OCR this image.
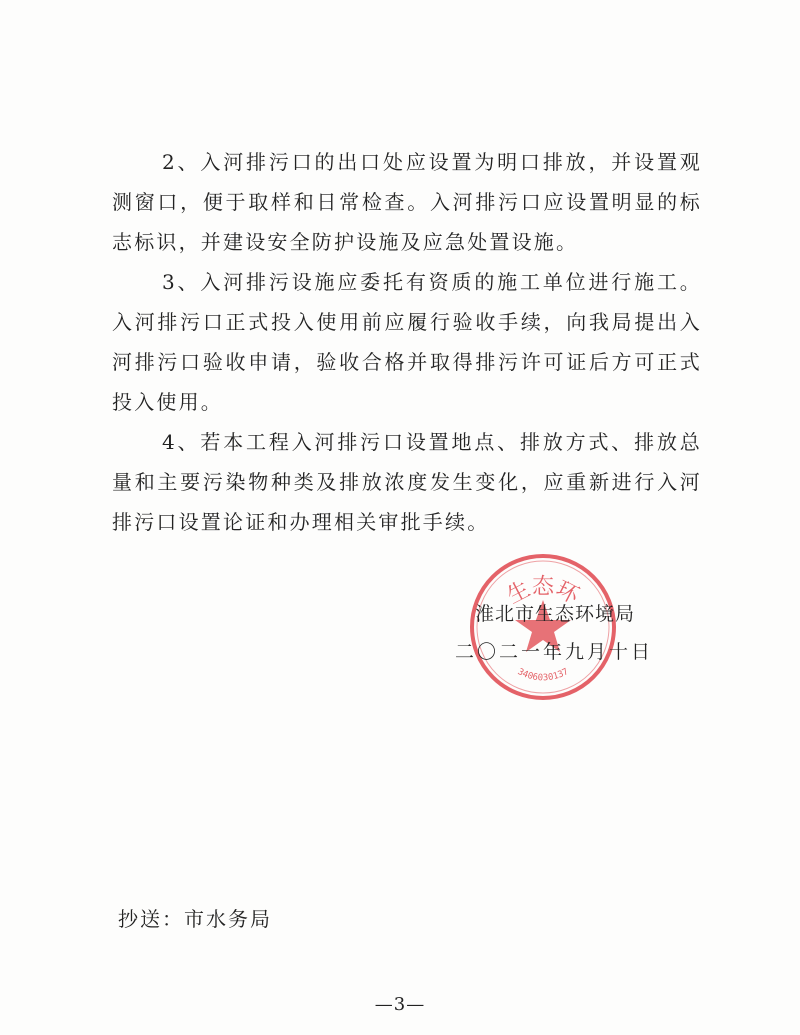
2、入河排污口的出口处应设置为明口排放，并设置观测窗口，便于取样和日常检查。入河排污口应设置明显的标志标识，并建设安全防护设施及应急处置设施。

3、入河排污设施应委托有资质的施工单位进行施工。入河排污口正式投入使用前应履行验收手续，向我局提出入河排污口验收申请，验收合格并取得排污许可证后方可正式投入使用。

4、若本工程入河排污口设置地点、排放方式、排放总量和主要污染物种类及排放浓度发生变化，应重新进行入河排污口设置论证和办理相关审批手续。

生态环
3406030137
淮北市生态环境局
二〇二一年九月十日
抄送：市水务局
—3—
